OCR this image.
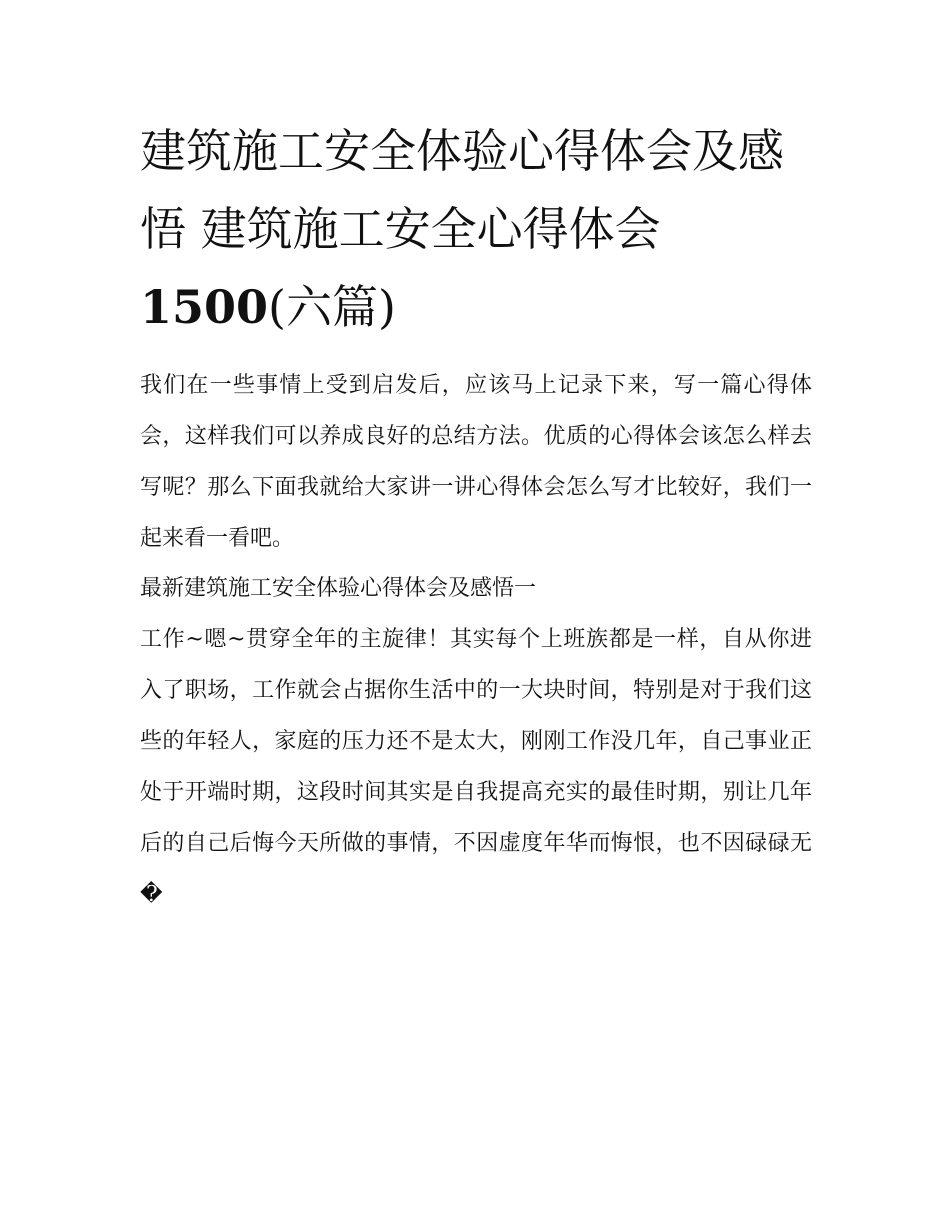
建筑施工安全体验心得体会及感悟 建筑施工安全心得体会
1500(六篇)

我们在一些事情上受到启发后，应该马上记录下来，写一篇心得体会，这样我们可以养成良好的总结方法。优质的心得体会该怎么样去写呢？那么下面我就给大家讲一讲心得体会怎么写才比较好，我们一起来看一看吧。

最新建筑施工安全体验心得体会及感悟一

工作~嗯~贯穿全年的主旋律！其实每个上班族都是一样，自从你进入了职场，工作就会占据你生活中的一大块时间，特别是对于我们这些的年轻人，家庭的压力还不是太大，刚刚工作没几年，自己事业正处于开端时期，这段时间其实是自我提高充实的最佳时期，别让几年后的自己后悔今天所做的事情，不因虚度年华而悔恨，也不因碌碌无�
